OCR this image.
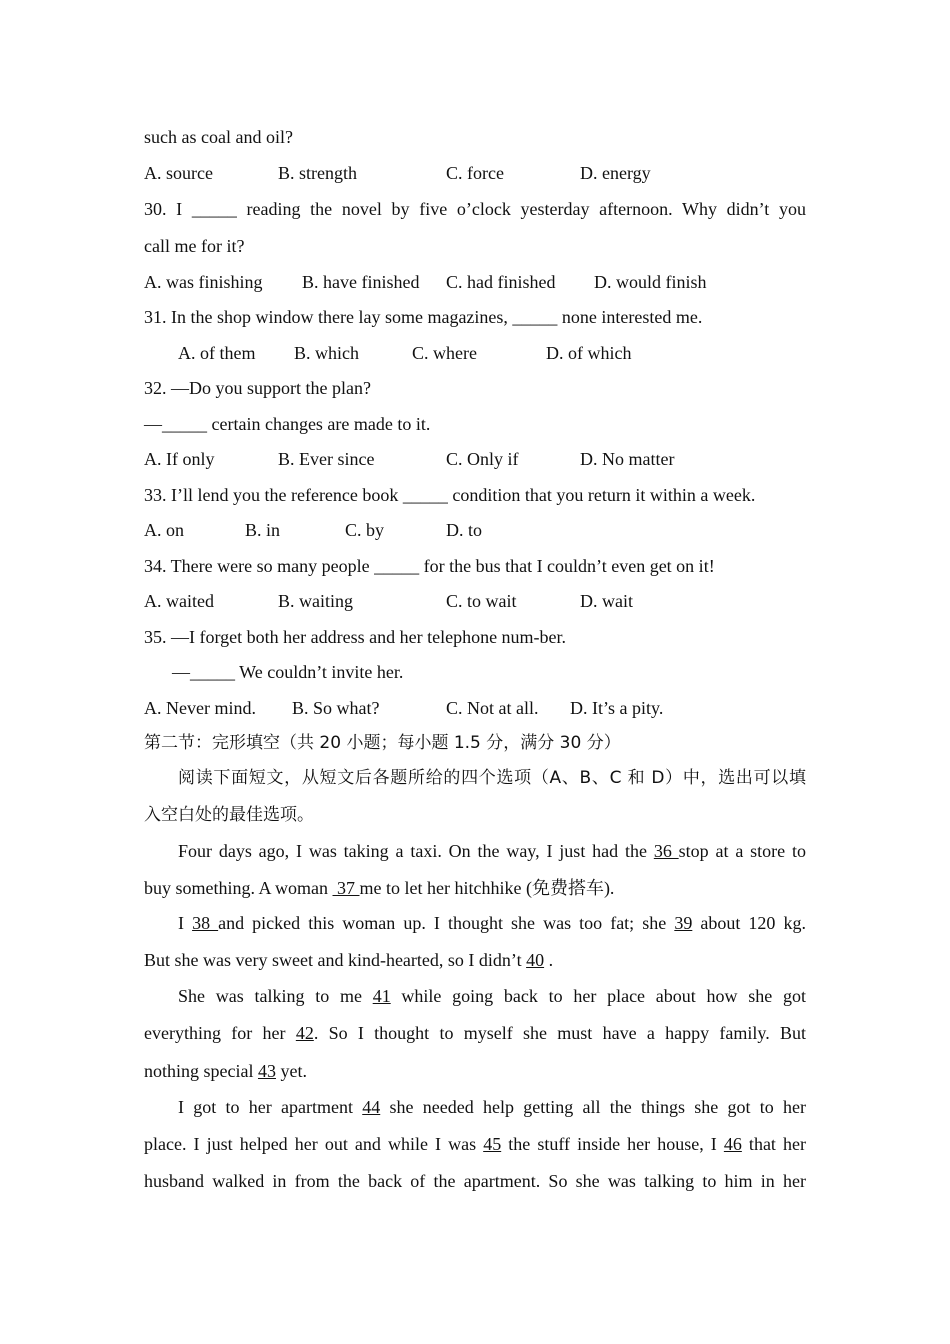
such as coal and oil?
A. source	B. strength	C. force	D. energy
30. I _____ reading the novel by five o’clock yesterday afternoon. Why didn’t you
call me for it?
A. was finishing B. have finished C. had finished D. would finish
31. In the shop window there lay some magazines, _____ none interested me.
A. of them B. which	C. where	D. of which
32. —Do you support the plan?
—_____ certain changes are made to it.
A. If only	B. Ever since	C. Only if	D. No matter
33. I’ll lend you the reference book _____ condition that you return it within a week.
A. on	B. in	C. by	D. to
34. There were so many people _____ for the bus that I couldn’t even get on it!
A. waited	B. waiting	C. to wait	D. wait
35. —I forget both her address and her telephone num-ber.
—_____ We couldn’t invite her.
A. Never mind. B. So what?	C. Not at all. D. It’s a pity.
第二节：完形填空（共 20 小题；每小题 1.5 分，满分 30 分）
阅读下面短文，从短文后各题所给的四个选项（A、B、C 和 D）中，选出可以填
入空白处的最佳选项。
Four days ago, I was taking a taxi. On the way, I just had the 36 stop at a store to
buy something. A woman  37 me to let her hitchhike (免费搭车).
I 38 and picked this woman up. I thought she was too fat; she 39 about 120 kg.
But she was very sweet and kind-hearted, so I didn’t 40 .
She was talking to me 41 while going back to her place about how she got
everything for her 42. So I thought to myself she must have a happy family. But
nothing special 43 yet.
I got to her apartment 44 she needed help getting all the things she got to her
place. I just helped her out and while I was 45 the stuff inside her house, I 46 that her
husband walked in from the back of the apartment. So she was talking to him in her
